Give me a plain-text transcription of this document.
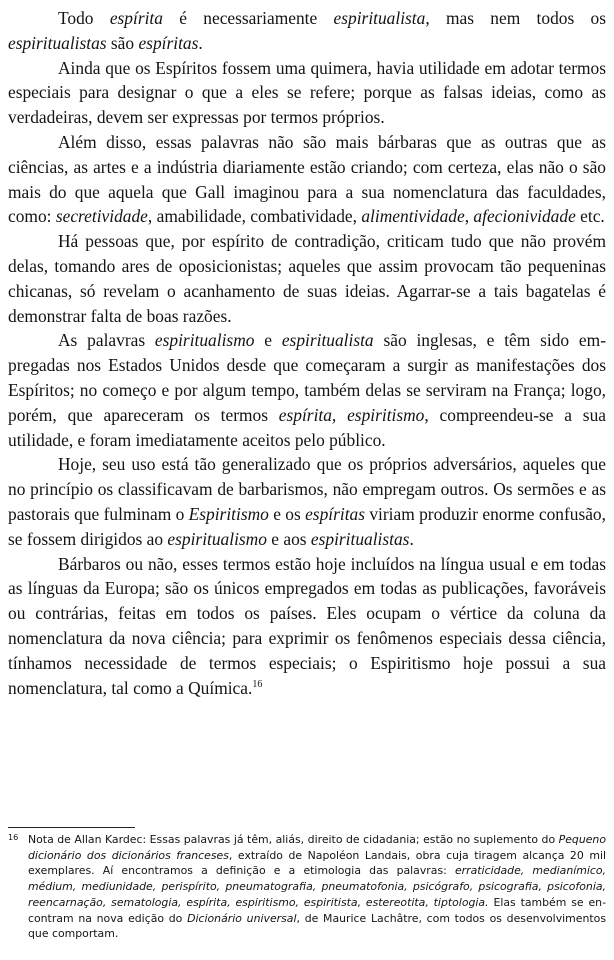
Todo espírita é necessariamente espiritualista, mas nem todos os espiritualistas são espíritas.

Ainda que os Espíritos fossem uma quimera, havia utilidade em adotar termos especiais para designar o que a eles se refere; porque as falsas ideias, como as verdadeiras, devem ser expressas por termos próprios.

Além disso, essas palavras não são mais bárbaras que as outras que as ciências, as artes e a indústria diariamente estão criando; com certeza, elas não o são mais do que aquela que Gall imaginou para a sua nomenclatura das faculdades, como: secretividade, amabilidade, combatividade, alimentividade, afecionividade etc.

Há pessoas que, por espírito de contradição, criticam tudo que não provém delas, tomando ares de oposicionistas; aqueles que assim provocam tão pequeninas chicanas, só revelam o acanhamento de suas ideias. Agarrar-se a tais bagatelas é demonstrar falta de boas razões.

As palavras espiritualismo e espiritualista são inglesas, e têm sido empregadas nos Estados Unidos desde que começaram a surgir as manifestações dos Espíritos; no começo e por algum tempo, também delas se serviram na França; logo, porém, que apareceram os termos espírita, espiritismo, compreendeu-se a sua utilidade, e foram imediatamente aceitos pelo público.

Hoje, seu uso está tão generalizado que os próprios adversários, aqueles que no princípio os classificavam de barbarismos, não empregam outros. Os sermões e as pastorais que fulminam o Espiritismo e os espíritas viriam produzir enorme confusão, se fossem dirigidos ao espiritualismo e aos espiritualistas.

Bárbaros ou não, esses termos estão hoje incluídos na língua usual e em todas as línguas da Europa; são os únicos empregados em todas as publicações, favoráveis ou contrárias, feitas em todos os países. Eles ocupam o vértice da coluna da nomenclatura da nova ciência; para exprimir os fenômenos especiais dessa ciência, tínhamos necessidade de termos especiais; o Espiritismo hoje possui a sua nomenclatura, tal como a Química.$^{16}$

16 Nota de Allan Kardec: Essas palavras já têm, aliás, direito de cidadania; estão no suplemento do Pequeno dicionário dos dicionários franceses, extraído de Napoléon Landais, obra cuja tiragem alcança 20 mil exemplares. Aí encontramos a definição e a etimologia das palavras: erraticidade, medianímico, médium, mediunidade, perispírito, pneumatografia, pneumatofonia, psicógrafo, psicografia, psicofonia, reencarnação, sematologia, espírita, espiritismo, espiritista, estereotita, tiptologia. Elas também se encontram na nova edição do Dicionário universal, de Maurice Lachâtre, com todos os desenvolvimentos que comportam.
